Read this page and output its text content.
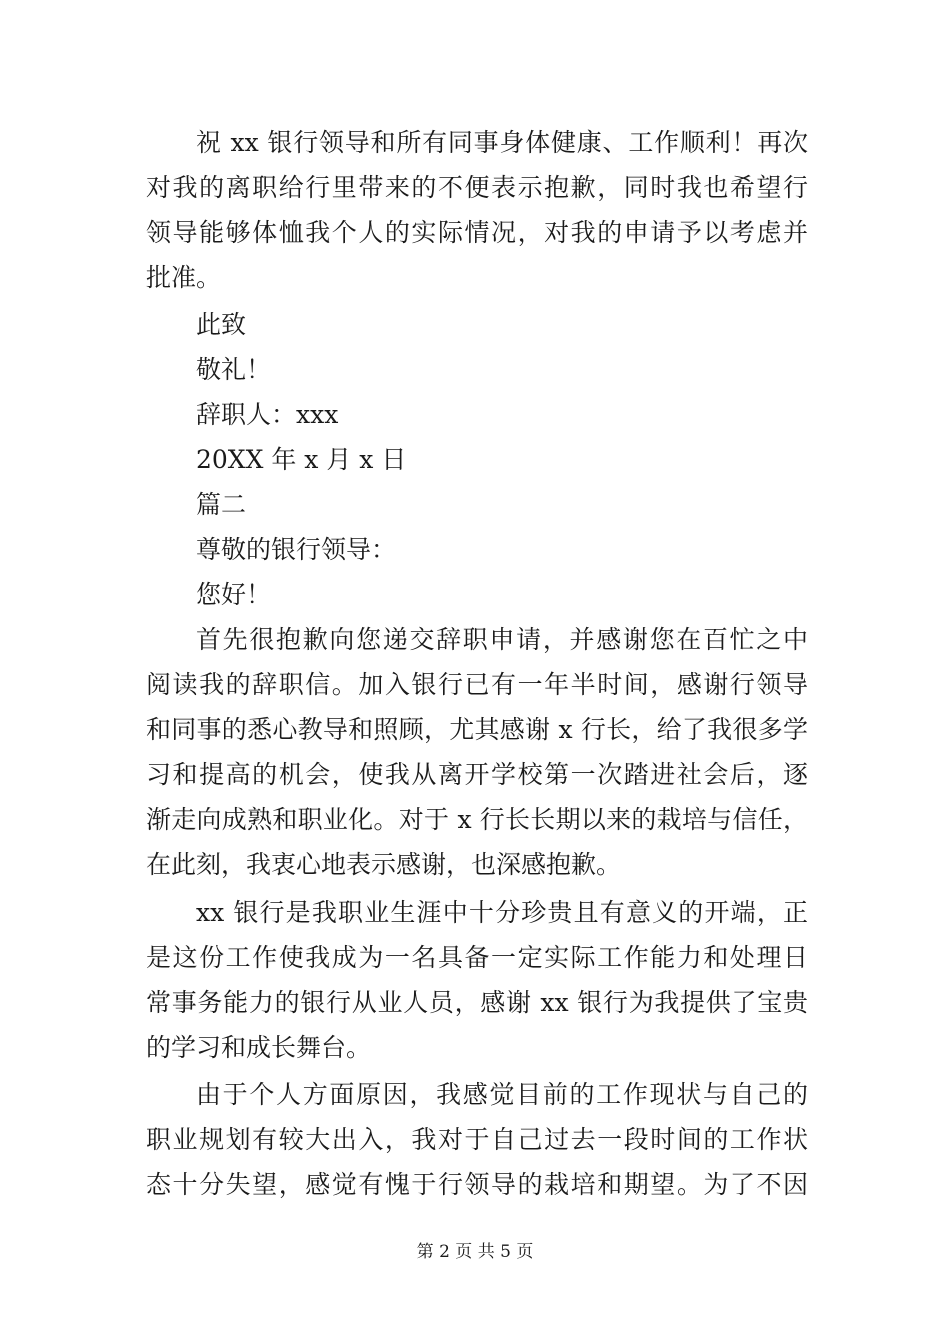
祝 xx 银行领导和所有同事身体健康、工作顺利！再次
对我的离职给行里带来的不便表示抱歉，同时我也希望行
领导能够体恤我个人的实际情况，对我的申请予以考虑并
批准。
此致
敬礼！
辞职人：xxx
20XX 年 x 月 x 日
篇二
尊敬的银行领导：
您好！
首先很抱歉向您递交辞职申请，并感谢您在百忙之中
阅读我的辞职信。加入银行已有一年半时间，感谢行领导
和同事的悉心教导和照顾，尤其感谢 x 行长，给了我很多学
习和提高的机会，使我从离开学校第一次踏进社会后，逐
渐走向成熟和职业化。对于 x 行长长期以来的栽培与信任，
在此刻，我衷心地表示感谢，也深感抱歉。
xx 银行是我职业生涯中十分珍贵且有意义的开端，正
是这份工作使我成为一名具备一定实际工作能力和处理日
常事务能力的银行从业人员，感谢 xx 银行为我提供了宝贵
的学习和成长舞台。
由于个人方面原因，我感觉目前的工作现状与自己的
职业规划有较大出入，我对于自己过去一段时间的工作状
态十分失望，感觉有愧于行领导的栽培和期望。为了不因
第 2 页 共 5 页
